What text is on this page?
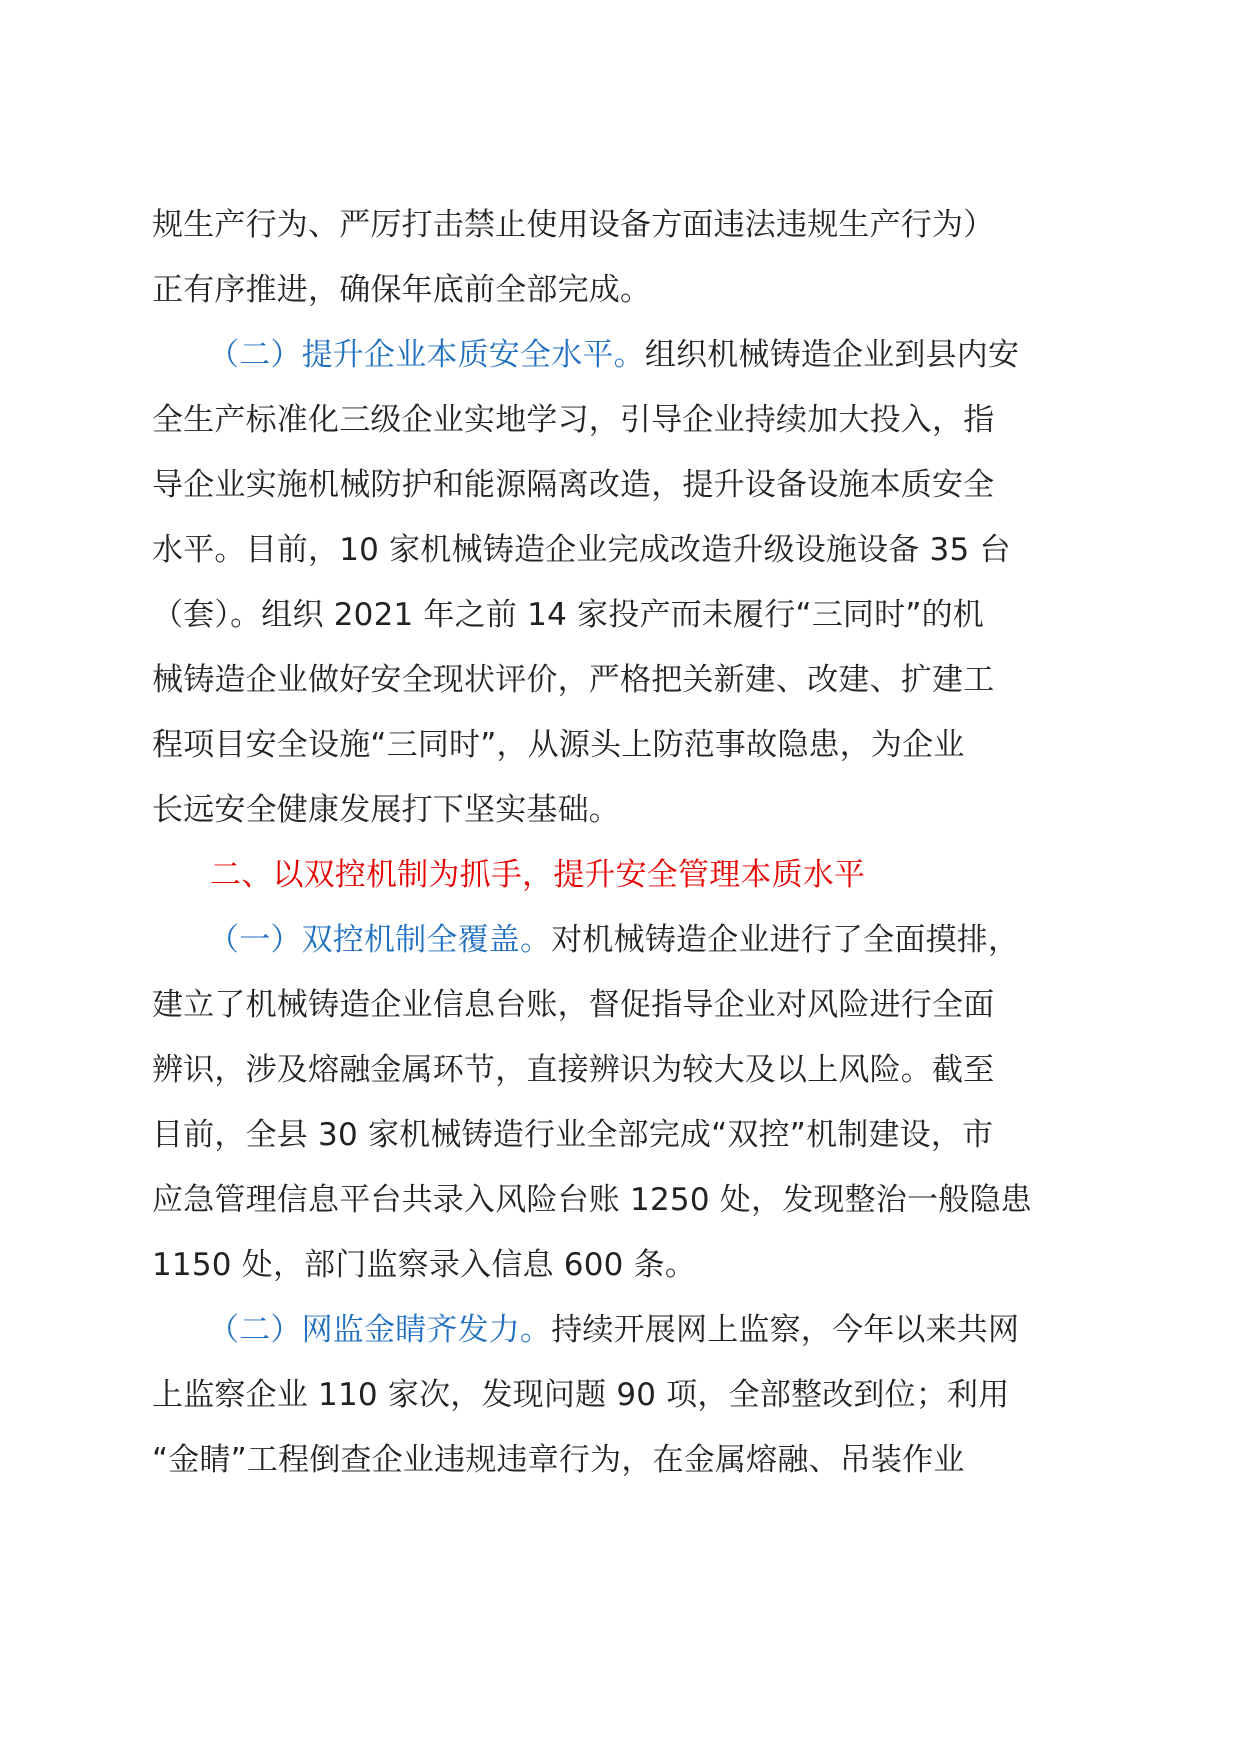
规生产行为、严厉打击禁止使用设备方面违法违规生产行为）
正有序推进，确保年底前全部完成。
（二）提升企业本质安全水平。组织机械铸造企业到县内安
全生产标准化三级企业实地学习，引导企业持续加大投入，指
导企业实施机械防护和能源隔离改造，提升设备设施本质安全
水平。目前，10 家机械铸造企业完成改造升级设施设备 35 台
（套）。组织 2021 年之前 14 家投产而未履行“三同时”的机
械铸造企业做好安全现状评价，严格把关新建、改建、扩建工
程项目安全设施“三同时”，从源头上防范事故隐患，为企业
长远安全健康发展打下坚实基础。
二、以双控机制为抓手，提升安全管理本质水平
（一）双控机制全覆盖。对机械铸造企业进行了全面摸排，
建立了机械铸造企业信息台账，督促指导企业对风险进行全面
辨识，涉及熔融金属环节，直接辨识为较大及以上风险。截至
目前，全县 30 家机械铸造行业全部完成“双控”机制建设，市
应急管理信息平台共录入风险台账 1250 处，发现整治一般隐患
1150 处，部门监察录入信息 600 条。
（二）网监金睛齐发力。持续开展网上监察，今年以来共网
上监察企业 110 家次，发现问题 90 项，全部整改到位；利用
“金睛”工程倒查企业违规违章行为，在金属熔融、吊装作业
